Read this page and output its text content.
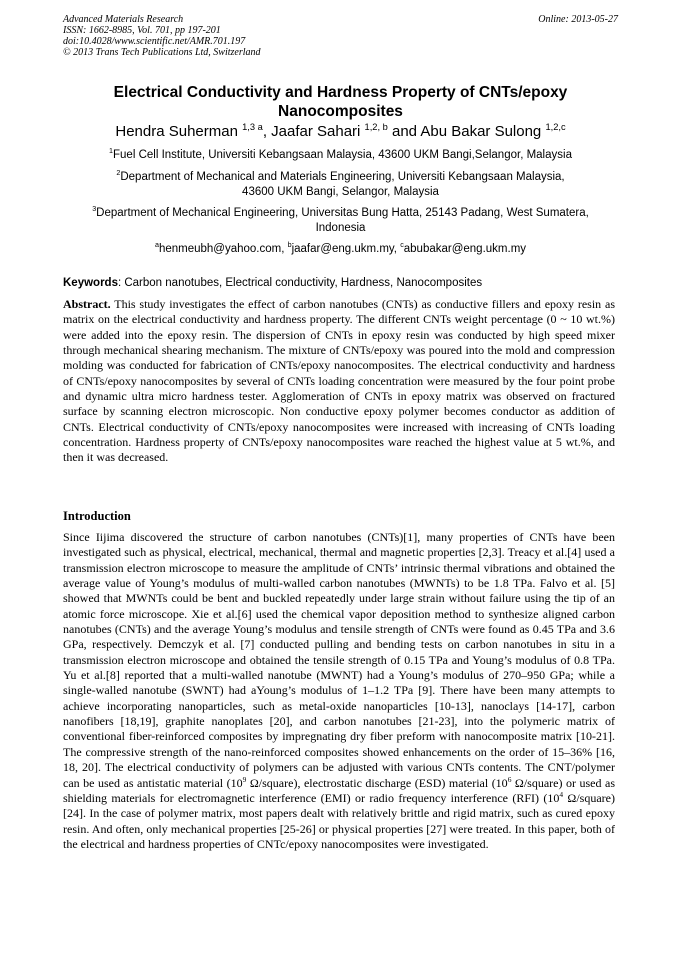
Advanced Materials Research
ISSN: 1662-8985, Vol. 701, pp 197-201
doi:10.4028/www.scientific.net/AMR.701.197
© 2013 Trans Tech Publications Ltd, Switzerland
Online: 2013-05-27
Electrical Conductivity and Hardness Property of CNTs/epoxy
Nanocomposites
Hendra Suherman $^{1,3 a}$, Jaafar Sahari $^{1,2, b}$ and Abu Bakar Sulong $^{1,2,c}$
$^1$Fuel Cell Institute, Universiti Kebangsaan Malaysia, 43600 UKM Bangi,Selangor, Malaysia
$^2$Department of Mechanical and Materials Engineering, Universiti Kebangsaan Malaysia,
43600 UKM Bangi, Selangor, Malaysia
$^3$Department of Mechanical Engineering, Universitas Bung Hatta, 25143 Padang, West Sumatera,
Indonesia
$^a$henmeubh@yahoo.com, $^b$jaafar@eng.ukm.my, $^c$abubakar@eng.ukm.my
Keywords: Carbon nanotubes, Electrical conductivity, Hardness, Nanocomposites
Abstract. This study investigates the effect of carbon nanotubes (CNTs) as conductive fillers and epoxy resin as matrix on the electrical conductivity and hardness property. The different CNTs weight percentage (0 ~ 10 wt.%) were added into the epoxy resin. The dispersion of CNTs in epoxy resin was conducted by high speed mixer through mechanical shearing mechanism. The mixture of CNTs/epoxy was poured into the mold and compression molding was conducted for fabrication of CNTs/epoxy nanocomposites. The electrical conductivity and hardness of CNTs/epoxy nanocomposites by several of CNTs loading concentration were measured by the four point probe and dynamic ultra micro hardness tester. Agglomeration of CNTs in epoxy matrix was observed on fractured surface by scanning electron microscopic. Non conductive epoxy polymer becomes conductor as addition of CNTs. Electrical conductivity of CNTs/epoxy nanocomposites were increased with increasing of CNTs loading concentration. Hardness property of CNTs/epoxy nanocomposites ware reached the highest value at 5 wt.%, and then it was decreased.
Introduction
Since Iijima discovered the structure of carbon nanotubes (CNTs)[1], many properties of CNTs have been investigated such as physical, electrical, mechanical, thermal and magnetic properties [2,3]. Treacy et al.[4] used a transmission electron microscope to measure the amplitude of CNTs’ intrinsic thermal vibrations and obtained the average value of Young’s modulus of multi-walled carbon nanotubes (MWNTs) to be 1.8 TPa. Falvo et al. [5] showed that MWNTs could be bent and buckled repeatedly under large strain without failure using the tip of an atomic force microscope. Xie et al.[6] used the chemical vapor deposition method to synthesize aligned carbon nanotubes (CNTs) and the average Young’s modulus and tensile strength of CNTs were found as 0.45 TPa and 3.6 GPa, respectively. Demczyk et al. [7] conducted pulling and bending tests on carbon nanotubes in situ in a transmission electron microscope and obtained the tensile strength of 0.15 TPa and Young’s modulus of 0.8 TPa. Yu et al.[8] reported that a multi-walled nanotube (MWNT) had a Young’s modulus of 270–950 GPa; while a single-walled nanotube (SWNT) had aYoung’s modulus of 1–1.2 TPa [9]. There have been many attempts to achieve incorporating nanoparticles, such as metal-oxide nanoparticles [10-13], nanoclays [14-17], carbon nanofibers [18,19], graphite nanoplates [20], and carbon nanotubes [21-23], into the polymeric matrix of conventional fiber-reinforced composites by impregnating dry fiber preform with nanocomposite matrix [10-21]. The compressive strength of the nano-reinforced composites showed enhancements on the order of 15–36% [16, 18, 20]. The electrical conductivity of polymers can be adjusted with various CNTs contents. The CNT/polymer can be used as antistatic material ($10^9$ Ω/square), electrostatic discharge (ESD) material ($10^6$ Ω/square) or used as shielding materials for electromagnetic interference (EMI) or radio frequency interference (RFI) ($10^4$ Ω/square)[24]. In the case of polymer matrix, most papers dealt with relatively brittle and rigid matrix, such as cured epoxy resin. And often, only mechanical properties [25-26] or physical properties [27] were treated. In this paper, both of the electrical and hardness properties of CNTc/epoxy nanocomposites were investigated.
